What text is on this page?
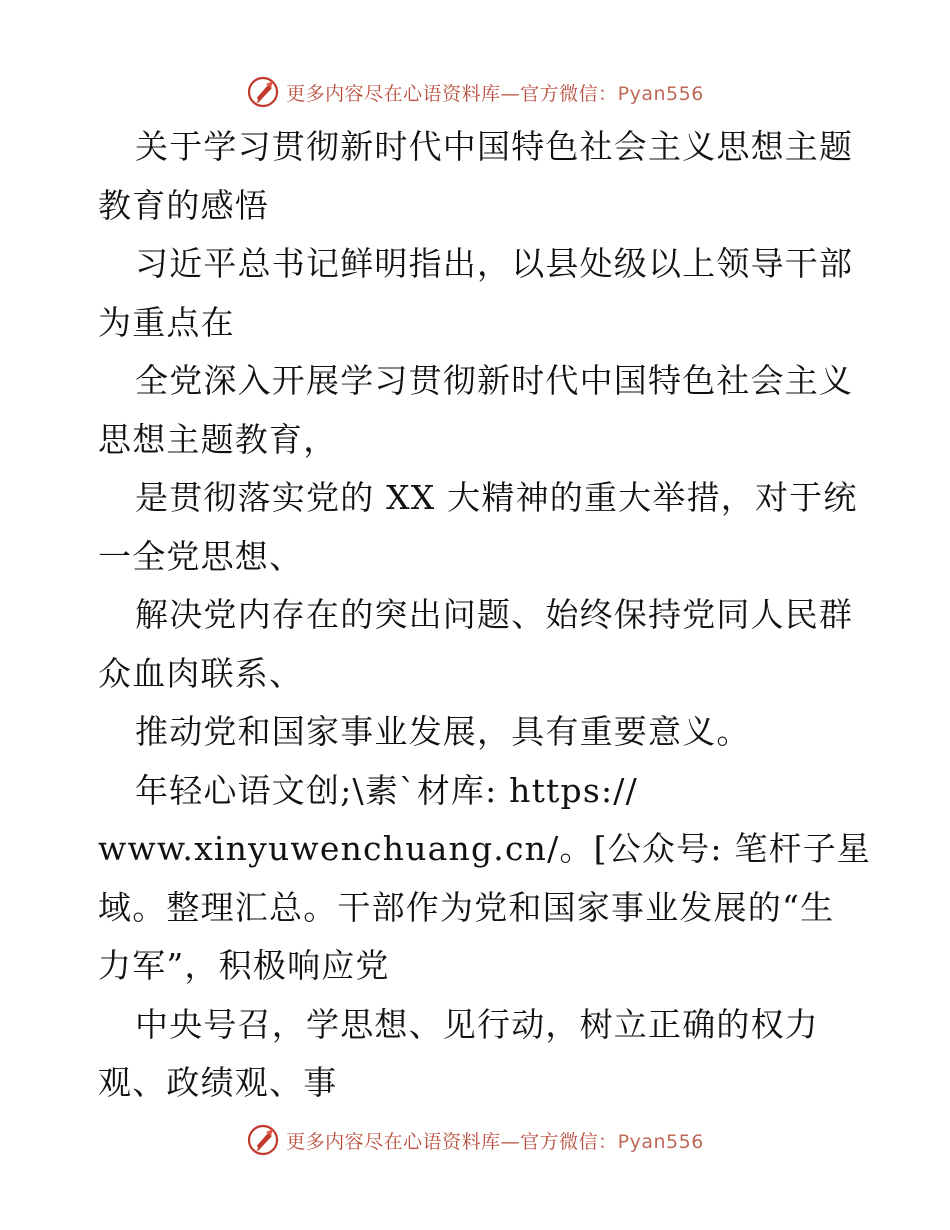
更多内容尽在心语资料库—官方微信：Pyan556
关于学习贯彻新时代中国特色社会主义思想主题
教育的感悟
习近平总书记鲜明指出，以县处级以上领导干部
为重点在
全党深入开展学习贯彻新时代中国特色社会主义
思想主题教育，
是贯彻落实党的 XX 大精神的重大举措，对于统
一全党思想、
解决党内存在的突出问题、始终保持党同人民群
众血肉联系、
推动党和国家事业发展，具有重要意义。
年轻心语文创;\素`材库: https://
www.xinyuwenchuang.cn/。[公众号: 笔杆子星
域。整理汇总。干部作为党和国家事业发展的“生
力军”，积极响应党
中央号召，学思想、见行动，树立正确的权力
观、政绩观、事
更多内容尽在心语资料库—官方微信：Pyan556
